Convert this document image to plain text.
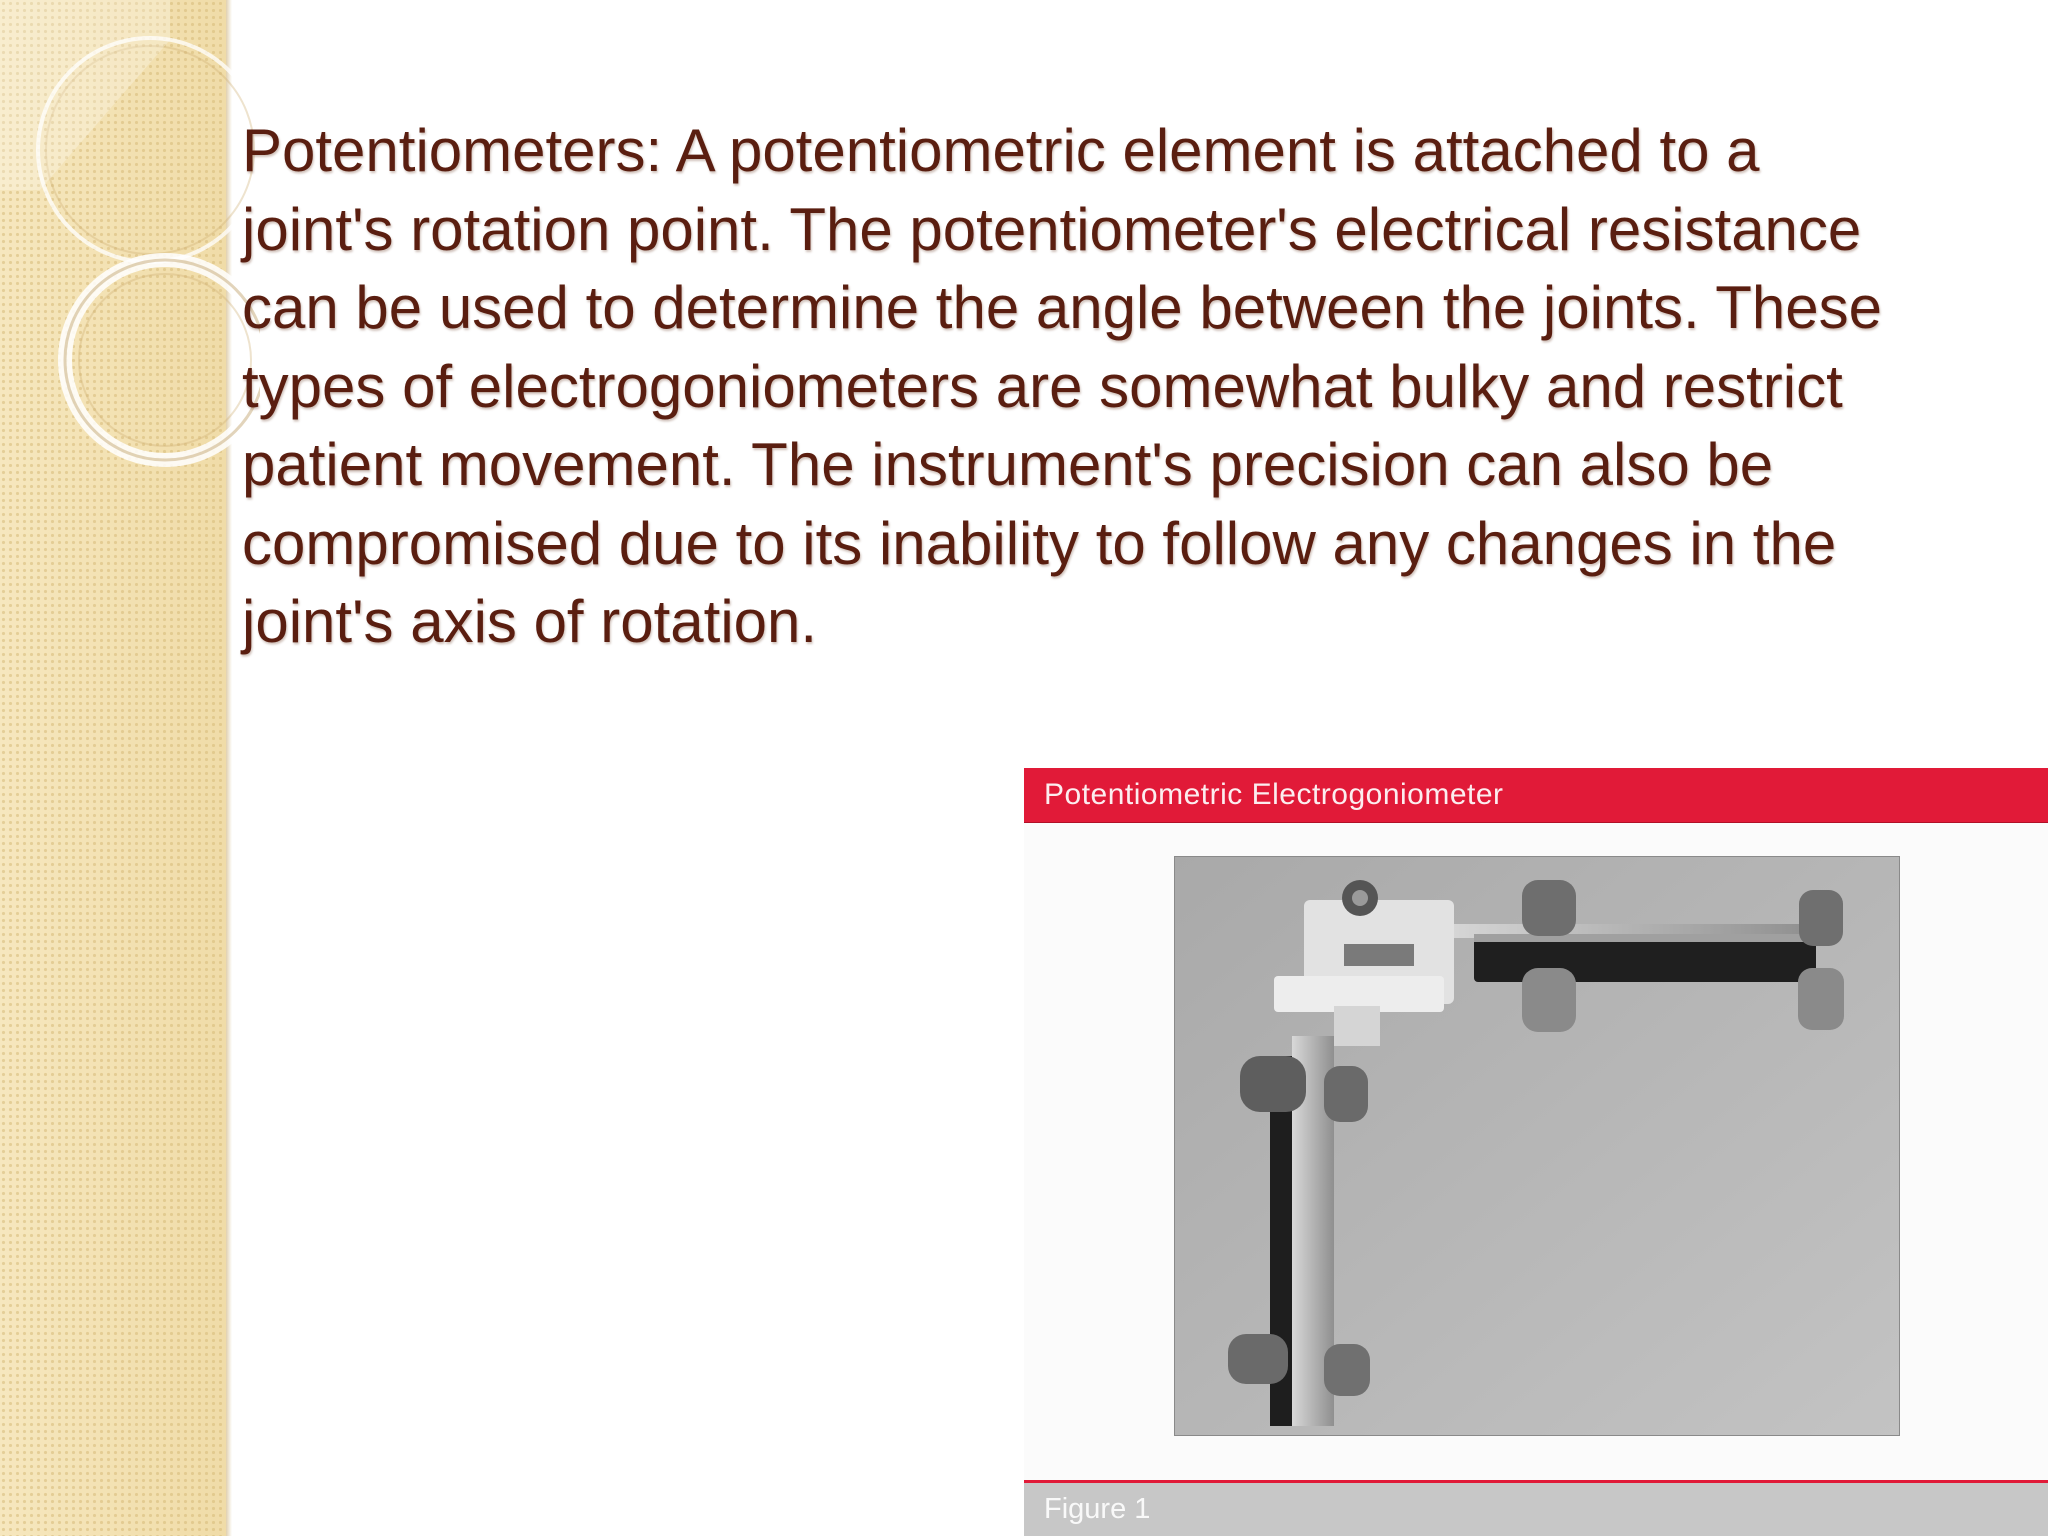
Potentiometers: A potentiometric element is attached to a
joint's rotation point. The potentiometer's electrical resistance
can be used to determine the angle between the joints. These
types of electrogoniometers are somewhat bulky and restrict
patient movement. The instrument's precision can also be
compromised due to its inability to follow any changes in the
joint's axis of rotation.

Potentiometric Electrogoniometer
Figure 1
